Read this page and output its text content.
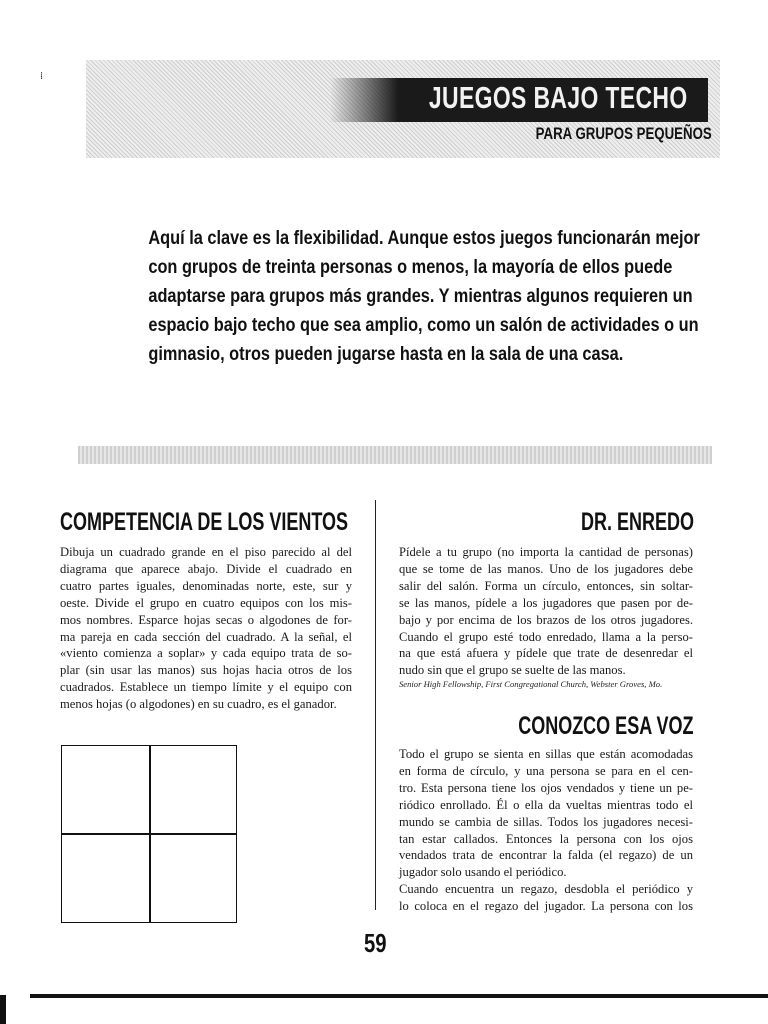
⁞
JUEGOS BAJO TECHO
PARA GRUPOS PEQUEÑOS
Aquí la clave es la flexibilidad. Aunque estos juegos funcionarán mejor
con grupos de treinta personas o menos, la mayoría de ellos puede
adaptarse para grupos más grandes. Y mientras algunos requieren un
espacio bajo techo que sea amplio, como un salón de actividades o un
gimnasio, otros pueden jugarse hasta en la sala de una casa.
COMPETENCIA DE LOS VIENTOS
Dibuja un cuadrado grande en el piso parecido al del
diagrama que aparece abajo. Divide el cuadrado en
cuatro partes iguales, denominadas norte, este, sur y
oeste. Divide el grupo en cuatro equipos con los mis-
mos nombres. Esparce hojas secas o algodones de for-
ma pareja en cada sección del cuadrado. A la señal, el
«viento comienza a soplar» y cada equipo trata de so-
plar (sin usar las manos) sus hojas hacia otros de los
cuadrados. Establece un tiempo límite y el equipo con
menos hojas (o algodones) en su cuadro, es el ganador.
DR. ENREDO
Pídele a tu grupo (no importa la cantidad de personas)
que se tome de las manos. Uno de los jugadores debe
salir del salón. Forma un círculo, entonces, sin soltar-
se las manos, pídele a los jugadores que pasen por de-
bajo y por encima de los brazos de los otros jugadores.
Cuando el grupo esté todo enredado, llama a la perso-
na que está afuera y pídele que trate de desenredar el
nudo sin que el grupo se suelte de las manos.
Senior High Fellowship, First Congregational Church, Webster Groves, Mo.
CONOZCO ESA VOZ
Todo el grupo se sienta en sillas que están acomodadas
en forma de círculo, y una persona se para en el cen-
tro. Esta persona tiene los ojos vendados y tiene un pe-
riódico enrollado. Él o ella da vueltas mientras todo el
mundo se cambia de sillas. Todos los jugadores necesi-
tan estar callados. Entonces la persona con los ojos
vendados trata de encontrar la falda (el regazo) de un
jugador solo usando el periódico.
Cuando encuentra un regazo, desdobla el periódico y
lo coloca en el regazo del jugador. La persona con los
59
